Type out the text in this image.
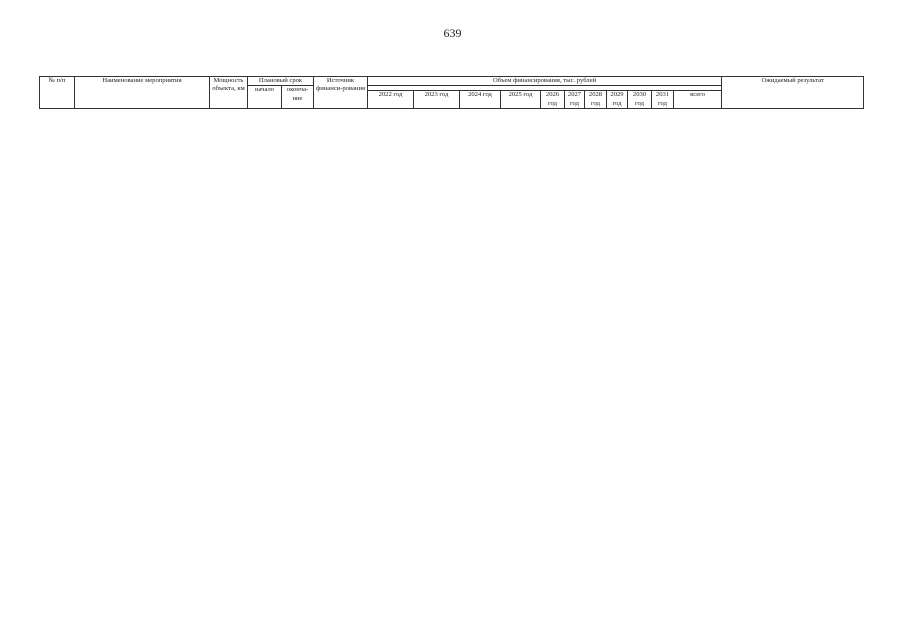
639
№ п/п	Наименование мероприятия	Мощность объекта, км	Плановый срок		Источник финанси-рования	Объем финансирования, тыс. рублей											Ожидаемый результат
			начало	оконча-ние													
						2022 год	2023 год	2024 год	2025 год	2026 год	2027 год	2028 год	2029 год	2030 год	2031 год	всего	
